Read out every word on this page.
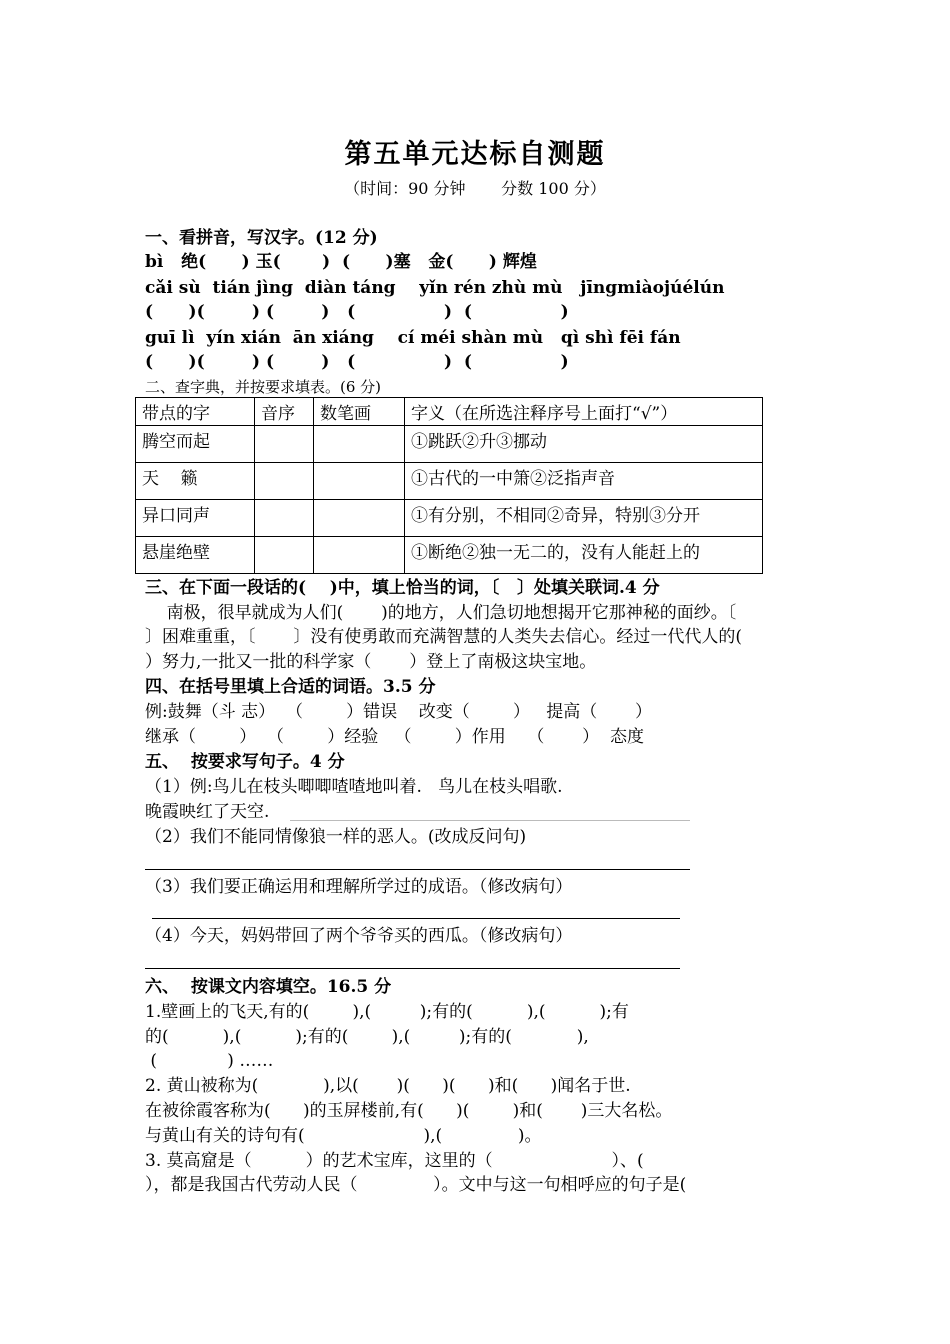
第五单元达标自测题
（时间：90 分钟       分数 100 分）
一、看拼音，写汉字。(12 分)
bì   绝(      ) 玉(       )  (      )塞   金(      ) 辉煌
cǎi sù  tián jìng  diàn táng    yǐn rén zhù mù   jīngmiàojúélún
(      )(        ) (        )   (               )  (               )
guī lì  yín xián  ān xiáng    cí méi shàn mù   qì shì fēi fán
(      )(        ) (        )   (               )  (               )
二、查字典，并按要求填表。(6 分)
带点的字	音序	数笔画	字义（在所选注释序号上面打“√”）
腾空而起			①跳跃②升③挪动
天    籁			①古代的一中箫②泛指声音
异口同声			①有分别，不相同②奇异，特别③分开
悬崖绝壁			①断绝②独一无二的，没有人能赶上的
三、在下面一段话的(    )中，填上恰当的词，〔   〕处填关联词.4 分
南极，很早就成为人们(       )的地方，人们急切地想揭开它那神秘的面纱。〔
〕困难重重，〔       〕没有使勇敢而充满智慧的人类失去信心。经过一代代人的(
）努力,一批又一批的科学家（       ）登上了南极这块宝地。
四、在括号里填上合适的词语。3.5 分
例:鼓舞（斗 志）  （        ）错误    改变（        ）   提高（       ）
继承（        ）  （        ）经验   （        ）作用    （       ）  态度
五、  按要求写句子。4 分
（1）例:鸟儿在枝头唧唧喳喳地叫着.   鸟儿在枝头唱歌.
晚霞映红了天空.
（2）我们不能同情像狼一样的恶人。(改成反问句)
（3）我们要正确运用和理解所学过的成语。（修改病句）
（4）今天，妈妈带回了两个爷爷买的西瓜。（修改病句）
六、  按课文内容填空。16.5 分
1.壁画上的飞天,有的(        ),(         );有的(          ),(          );有
的(          ),(          );有的(        ),(         );有的(            ),
(             ) ……
2. 黄山被称为(            ),以(       )(      )(      )和(      )闻名于世.
在被徐霞客称为(      )的玉屏楼前,有(      )(        )和(       )三大名松。
与黄山有关的诗句有(                      ),(              )。
3. 莫高窟是（          ）的艺术宝库，这里的（                      ）、(
），都是我国古代劳动人民（              ）。文中与这一句相呼应的句子是(
